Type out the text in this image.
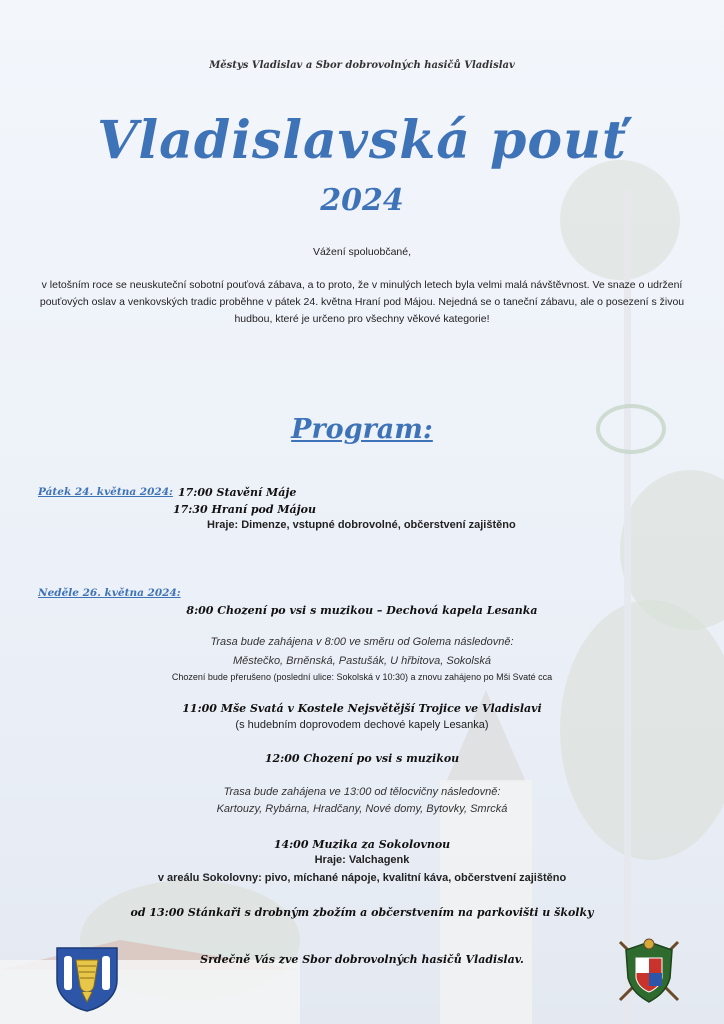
Městys Vladislav a Sbor dobrovolných hasičů Vladislav
Vladislavská pouť
2024
Vážení spoluobčané,
v letošním roce se neuskuteční sobotní pouťová zábava, a to proto, že v minulých letech byla velmi malá návštěvnost. Ve snaze o udržení pouťových oslav a venkovských tradic proběhne v pátek 24. května Hraní pod Májou. Nejedná se o taneční zábavu, ale o posezení s živou hudbou, které je určeno pro všechny věkové kategorie!
Program:
Pátek 24. května 2024: 17:00 Stavění Máje
17:30 Hraní pod Májou
Hraje: Dimenze, vstupné dobrovolné, občerstvení zajištěno
Neděle 26. května 2024:
8:00 Chození po vsi s muzikou – Dechová kapela Lesanka
Trasa bude zahájena v 8:00 ve směru od Golema následovně:
Městečko, Brněnská, Pastušák, U hřbitova, Sokolská
Chození bude přerušeno (poslední ulice: Sokolská v 10:30) a znovu zahájeno po Mši Svaté cca
11:00 Mše Svatá v Kostele Nejsvětější Trojice ve Vladislavi
(s hudebním doprovodem dechové kapely Lesanka)
12:00 Chození po vsi s muzikou
Trasa bude zahájena ve 13:00 od tělocvičny následovně:
Kartouzy, Rybárna, Hradčany, Nové domy, Bytovky, Smrcká
14:00 Muzika za Sokolovnou
Hraje: Valchagenk
v areálu Sokolovny: pivo, míchané nápoje, kvalitní káva, občerstvení zajištěno
od 13:00 Stánkaři s drobným zbožím a občerstvením na parkovišti u školky
Srdečně Vás zve Sbor dobrovolných hasičů Vladislav.
